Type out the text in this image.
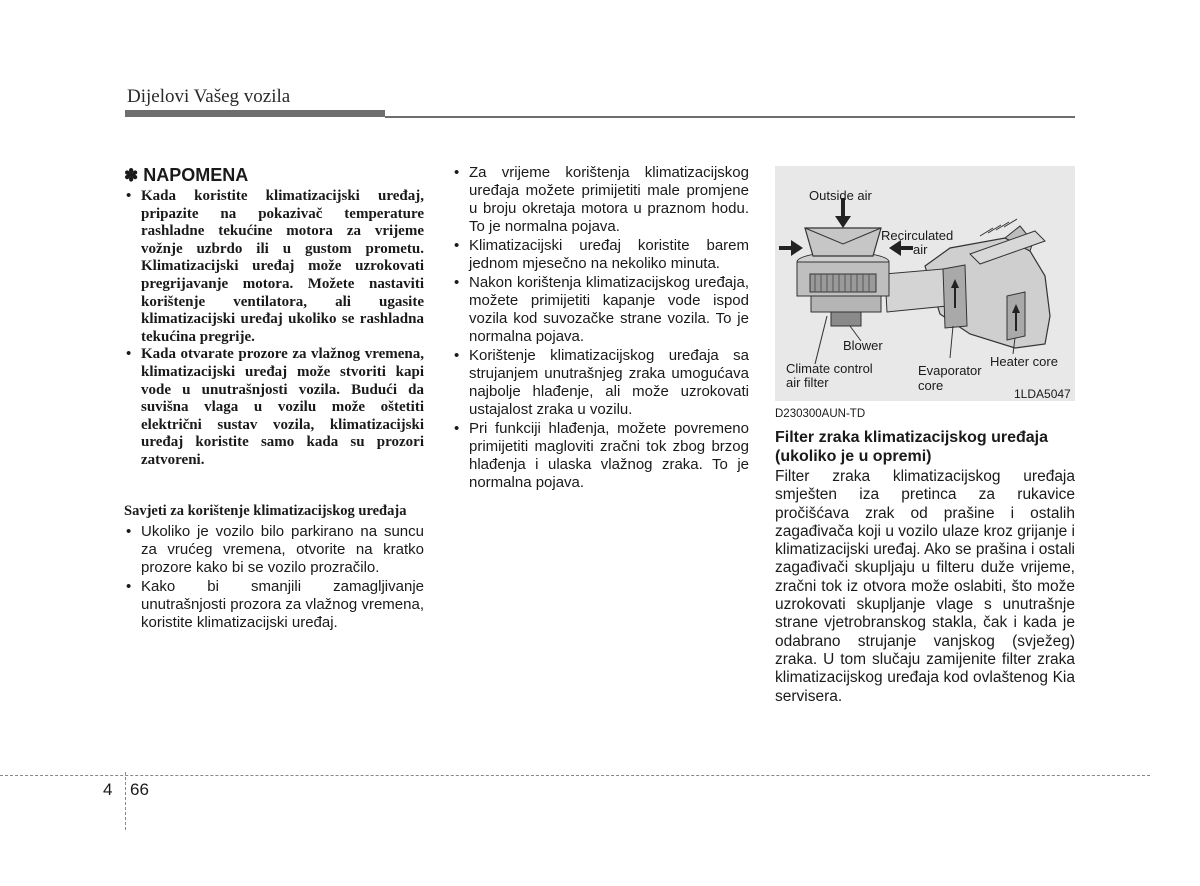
Dijelovi Vašeg vozila
✽ NAPOMENA
• Kada koristite klimatizacijski uređaj, pripazite na pokazivač temperature rashladne tekućine motora za vrijeme vožnje uzbrdo ili u gustom prometu. Klimatizacijski uređaj može uzrokovati pregrijavanje motora. Možete nastaviti korištenje ventilatora, ali ugasite klimatizacijski uređaj ukoliko se rashladna tekućina pregrije.
• Kada otvarate prozore za vlažnog vremena, klimatizacijski uređaj može stvoriti kapi vode u unutrašnjosti vozila. Budući da suvišna vlaga u vozilu može oštetiti električni sustav vozila, klimatizacijski uređaj koristite samo kada su prozori zatvoreni.
Savjeti za korištenje klimatizacijskog uređaja
• Ukoliko je vozilo bilo parkirano na suncu za vrućeg vremena, otvorite na kratko prozore kako bi se vozilo prozračilo.
• Kako bi smanjili zamagljivanje unutrašnjosti prozora za vlažnog vremena, koristite klimatizacijski uređaj.
• Za vrijeme korištenja klimatizacijskog uređaja možete primijetiti male promjene u broju okretaja motora u praznom hodu. To je normalna pojava.
• Klimatizacijski uređaj koristite barem jednom mjesečno na nekoliko minuta.
• Nakon korištenja klimatizacijskog uređaja, možete primijetiti kapanje vode ispod vozila kod suvozačke strane vozila. To je normalna pojava.
• Korištenje klimatizacijskog uređaja sa strujanjem unutrašnjeg zraka umogućava najbolje hlađenje, ali može uzrokovati ustajalost zraka u vozilu.
• Pri funkciji hlađenja, možete povremeno primijetiti magloviti zračni tok zbog brzog hlađenja i ulaska vlažnog zraka. To je normalna pojava.
Outside air
Recirculated
air
Blower
Climate control
air filter
Evaporator
core
Heater core
1LDA5047
D230300AUN-TD
Filter zraka klimatizacijskog uređaja (ukoliko je u opremi)
Filter zraka klimatizacijskog uređaja smješten iza pretinca za rukavice pročišćava zrak od prašine i ostalih zagađivača koji u vozilo ulaze kroz grijanje i klimatizacijski uređaj. Ako se prašina i ostali zagađivači skupljaju u filteru duže vrijeme, zračni tok iz otvora može oslabiti, što može uzrokovati skupljanje vlage s unutrašnje strane vjetrobranskog stakla, čak i kada je odabrano strujanje vanjskog (svježeg) zraka. U tom slučaju zamijenite filter zraka klimatizacijskog uređaja kod ovlaštenog Kia servisera.
4 66
